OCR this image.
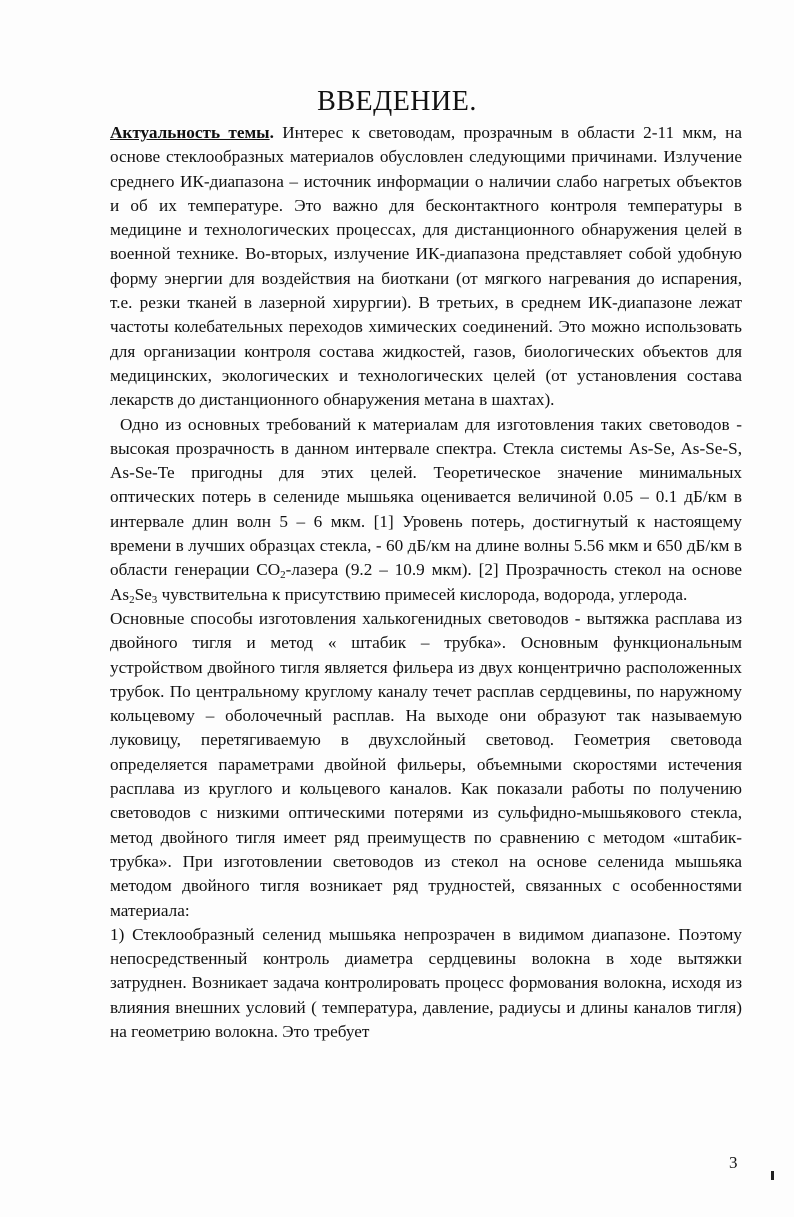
ВВЕДЕНИЕ.

Актуальность темы. Интерес к световодам, прозрачным в области 2-11 мкм, на основе стеклообразных материалов обусловлен следующими причинами. Излучение среднего ИК-диапазона – источник информации о наличии слабо нагретых объектов и об их температуре. Это важно для бесконтактного контроля температуры в медицине и технологических процессах, для дистанционного обнаружения целей в военной технике. Во-вторых, излучение ИК-диапазона представляет собой удобную форму энергии для воздействия на биоткани (от мягкого нагревания до испарения, т.е. резки тканей в лазерной хирургии). В третьих, в среднем ИК-диапазоне лежат частоты колебательных переходов химических соединений. Это можно использовать для организации контроля состава жидкостей, газов, биологических объектов для медицинских, экологических и технологических целей (от установления состава лекарств до дистанционного обнаружения метана в шахтах).

Одно из основных требований к материалам для изготовления таких световодов - высокая прозрачность в данном интервале спектра. Стекла системы As-Se, As-Se-S, As-Se-Te пригодны для этих целей. Теоретическое значение минимальных оптических потерь в селениде мышьяка оценивается величиной 0.05 – 0.1 дБ/км в интервале длин волн 5 – 6 мкм. [1] Уровень потерь, достигнутый к настоящему времени в лучших образцах стекла, - 60 дБ/км на длине волны 5.56 мкм и 650 дБ/км в области генерации $CO_2$-лазера (9.2 – 10.9 мкм). [2] Прозрачность стекол на основе $As_2Se_3$ чувствительна к присутствию примесей кислорода, водорода, углерода.

Основные способы изготовления халькогенидных световодов - вытяжка расплава из двойного тигля и метод « штабик – трубка». Основным функциональным устройством двойного тигля является фильера из двух концентрично расположенных трубок. По центральному круглому каналу течет расплав сердцевины, по наружному кольцевому – оболочечный расплав. На выходе они образуют так называемую луковицу, перетягиваемую в двухслойный световод. Геометрия световода определяется параметрами двойной фильеры, объемными скоростями истечения расплава из круглого и кольцевого каналов. Как показали работы по получению световодов с низкими оптическими потерями из сульфидно-мышьякового стекла, метод двойного тигля имеет ряд преимуществ по сравнению с методом «штабик-трубка». При изготовлении световодов из стекол на основе селенида мышьяка методом двойного тигля возникает ряд трудностей, связанных с особенностями материала:

1) Стеклообразный селенид мышьяка непрозрачен в видимом диапазоне. Поэтому непосредственный контроль диаметра сердцевины волокна в ходе вытяжки затруднен. Возникает задача контролировать процесс формования волокна, исходя из влияния внешних условий ( температура, давление, радиусы и длины каналов тигля) на геометрию волокна. Это требует

3
